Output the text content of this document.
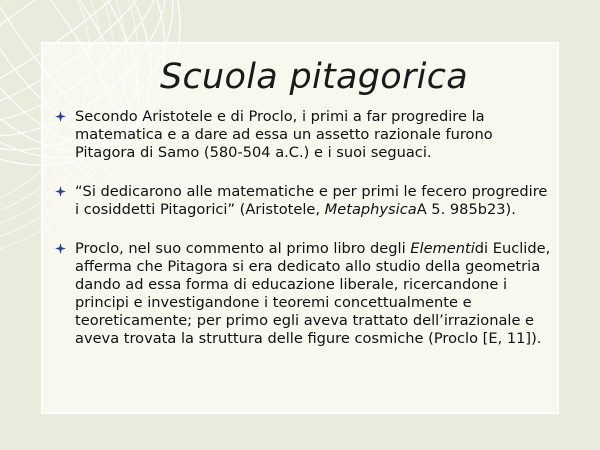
Scuola pitagorica
Secondo Aristotele e di Proclo, i primi a far progredire la matematica e a dare ad essa un assetto razionale furono Pitagora di Samo (580-504 a.C.) e i suoi seguaci.
“Si dedicarono alle matematiche e per primi le fecero progredire i cosiddetti Pitagorici” (Aristotele, MetaphysicaA 5. 985b23).
Proclo, nel suo commento al primo libro degli Elementidi Euclide, afferma che Pitagora si era dedicato allo studio della geometria dando ad essa forma di educazione liberale, ricercandone i principi e investigandone i teoremi concettualmente e teoreticamente; per primo egli aveva trattato dell’irrazionale e aveva trovata la struttura delle figure cosmiche (Proclo [E, 11]).
